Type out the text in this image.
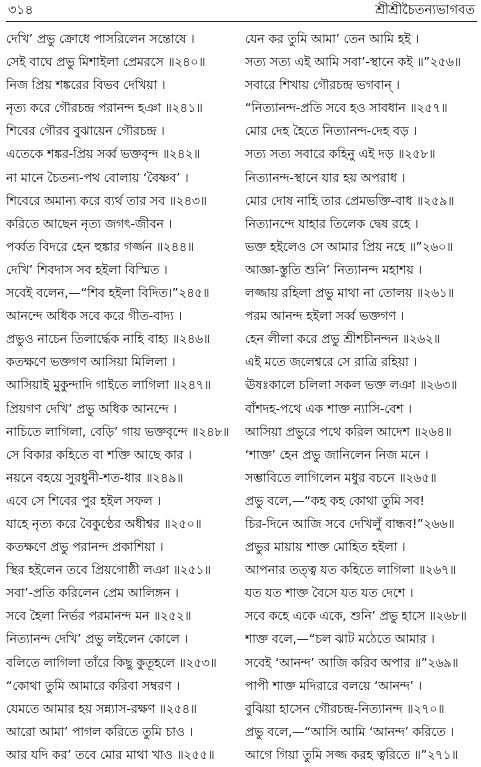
৩১৪	শ্রীশ্রীচৈতন্যভাগবত
দেখি’ প্রভু ক্রোধে পাসরিলেন সন্তোষে ।
সেই বাঘে প্রভু মিশাইলা প্রেমরসে ॥২৪০॥
নিজ প্রিয় শঙ্করের বিভব দেখিয়া ।
নৃত্য করে গৌরচন্দ্র পরানন্দ হঞা ॥২৪১॥
শিবের গৌরব বুঝায়েন গৌরচন্দ্র ।
এতেকে শঙ্কর-প্রিয় সর্ব্ব ভক্তবৃন্দ ॥২৪২॥
না মানে চৈতন্য-পথ বোলায় ‘বৈষ্ণব’ ।
শিবেরে অমান্য করে ব্যর্থ তার সব ॥২৪৩॥
করিতে আছেন নৃত্য জগৎ-জীবন ।
পর্ব্বত বিদরে হেন হুঙ্কার গর্জ্জন ॥২৪৪॥
দেখি’ শিবদাস সব হইলা বিস্মিত ।
সবেই বলেন,—“শিব হইলা বিদিত।”২৪৫॥
আনন্দে অধিক সবে করে গীত-বাদ্য ।
প্রভুও নাচেন তিলার্দ্ধেক নাহি বাহ্য ॥২৪৬॥
কতক্ষণে ভক্তগণ আসিয়া মিলিলা ।
আসিয়াই মুকুন্দাদি গাইতে লাগিলা ॥২৪৭॥
প্রিয়গণ দেখি’ প্রভু অধিক আনন্দে ।
নাচিতে লাগিলা, বেড়ি’ গায় ভক্তবৃন্দে ॥২৪৮॥
সে বিকার কহিতে বা শক্তি আছে কার ।
নয়নে বহয়ে সুরধুনী-শত-ধার ॥২৪৯॥
এবে সে শিবের পুর হইল সফল ।
যাহে নৃত্য করে বৈকুণ্ঠের অধীশ্বর ॥২৫০॥
কতক্ষণে প্রভু পরানন্দ প্রকাশিয়া ।
স্থির হইলেন তবে প্রিয়গোষ্ঠী লঞা ॥২৫১॥
সবা’-প্রতি করিলেন প্রেম আলিঙ্গন ।
সবে হৈলা নির্ভর পরমানন্দ মন ॥২৫২॥
নিত্যানন্দ দেখি’ প্রভু লইলেন কোলে ।
বলিতে লাগিলা তাঁরে কিছু কুতূহলে ॥২৫৩॥
“কোথা তুমি আমারে করিবা সম্বরণ ।
যেমতে আমার হয় সন্ন্যাস-রক্ষণ ॥২৫৪॥
আরো আমা’ পাগল করিতে তুমি চাও ।
আর যদি কর’ তবে মোর মাথা খাও ॥২৫৫॥
যেন কর তুমি আমা’ তেন আমি হই ।
সত্য সত্য এই আমি সবা’-স্থানে কই ॥”২৫৬॥
সবারে শিখায় গৌরচন্দ্র ভগবান্ ।
“নিত্যানন্দ-প্রতি সবে হও সাবধান ॥২৫৭॥
মোর দেহ হৈতে নিত্যানন্দ-দেহ বড় ।
সত্য সত্য সবারে কহিনু এই দড় ॥২৫৮॥
নিত্যানন্দ-স্থানে যার হয় অপরাধ ।
মোর দোষ নাহি তার প্রেমভক্তি-বাধ ॥২৫৯॥
নিত্যানন্দে যাহার তিলেক দ্বেষ রহে ।
ভক্ত হইলেও সে আমার প্রিয় নহে ॥”২৬০॥
আজ্ঞা-স্তুতি শুনি’ নিত্যানন্দ মহাশয় ।
লজ্জায় রহিলা প্রভু মাথা না তোলয় ॥২৬১॥
পরম আনন্দ হইলা সর্ব্ব ভক্তগণ ।
হেন লীলা করে প্রভু শ্রীশচীনন্দন ॥২৬২॥
এই মতে জলেশ্বরে সে রাত্রি রহিয়া ।
ঊষঃকালে চলিলা সকল ভক্ত লঞা ॥২৬৩॥
বাঁশদহ-পথে এক শাক্ত ন্যাসি-বেশ ।
আসিয়া প্রভুরে পথে করিল আদেশ ॥২৬৪॥
‘শাক্ত’ হেন প্রভু জানিলেন নিজ মনে ।
সম্ভাবিতে লাগিলেন মধুর বচনে ॥২৬৫॥
প্রভু বলে,—“কহ কহ কোথা তুমি সব!
চির-দিনে আজি সবে দেখিলুঁ বান্ধব!”২৬৬॥
প্রভুর মায়ায় শাক্ত মোহিত হইলা ।
আপনার তত্ত্ব যত কহিতে লাগিলা ॥২৬৭॥
যত যত শাক্ত বৈসে যত যত দেশে ।
সবে কহে একে একে, শুনি’ প্রভু হাসে ॥২৬৮॥
শাক্ত বলে,—“চল ঝাট মঠেতে আমার ।
সবেই ‘আনন্দ’ আজি করিব অপার ॥”২৬৯॥
পাপী শাক্ত মদিরারে বলয়ে ‘আনন্দ’ ।
বুঝিয়া হাসেন গৌরচন্দ্র-নিত্যানন্দ ॥২৭০॥
প্রভু বলে,—“আসি আমি ‘আনন্দ’ করিতে ।
আগে গিয়া তুমি সজ্জ করহ ত্বরিতে ॥”২৭১॥
